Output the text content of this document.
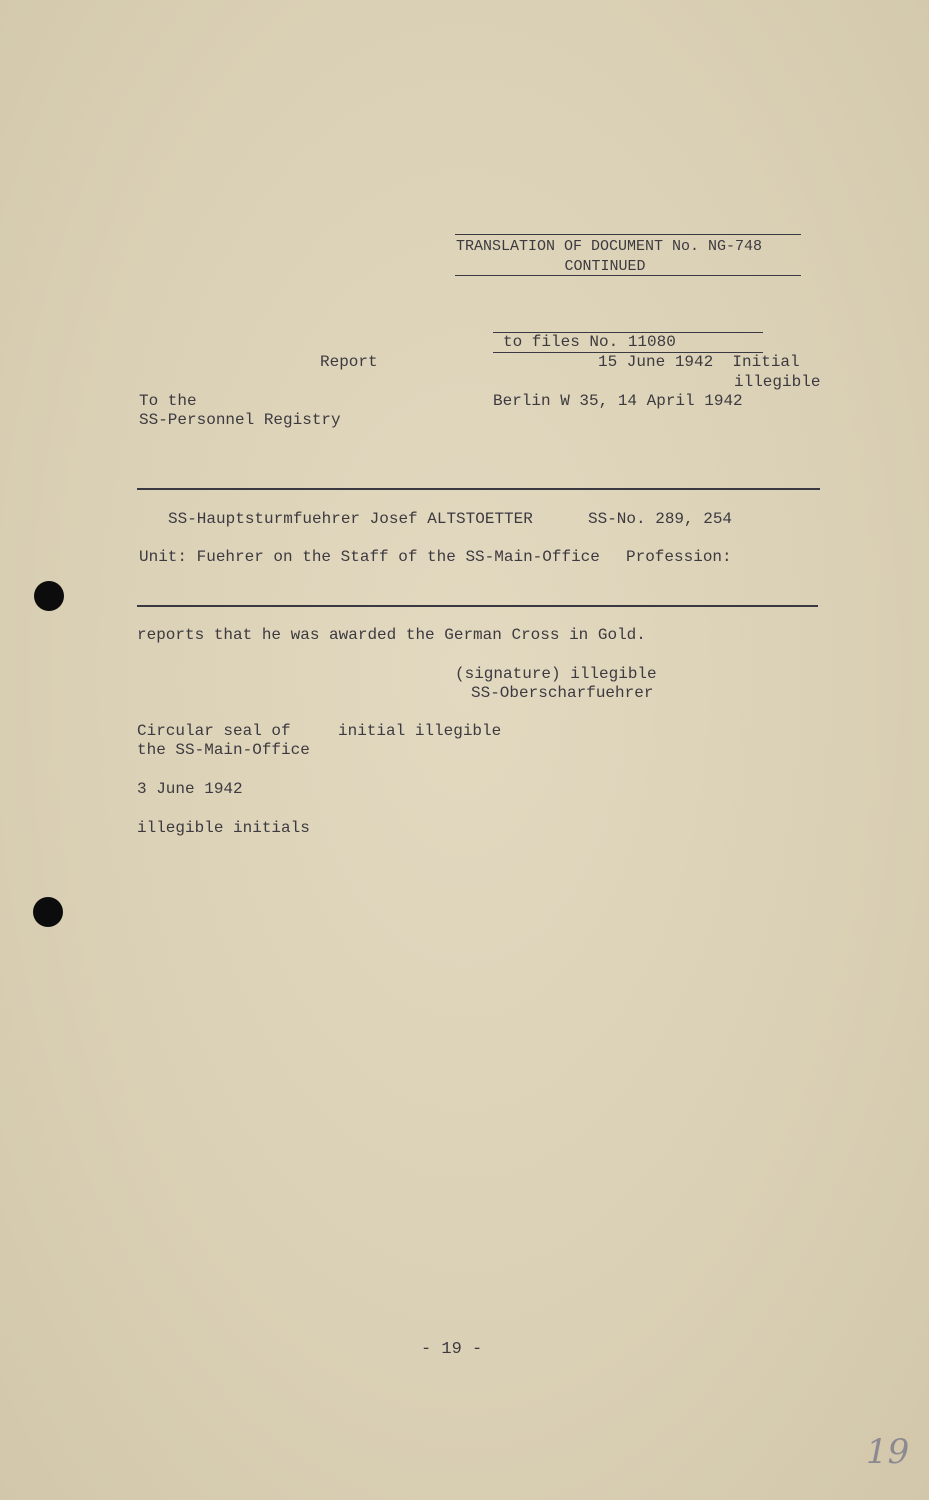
TRANSLATION OF DOCUMENT No. NG-748
CONTINUED
to files No. 11080
Report	15 June 1942  Initial
illegible
To the	Berlin W 35, 14 April 1942
SS-Personnel Registry
SS-Hauptsturmfuehrer Josef ALTSTOETTER	SS-No. 289, 254
Unit: Fuehrer on the Staff of the SS-Main-Office Profession:
reports that he was awarded the German Cross in Gold.
(signature) illegible
SS-Oberscharfuehrer
Circular seal of	initial illegible
the SS-Main-Office
3 June 1942
illegible initials
- 19 -
19
